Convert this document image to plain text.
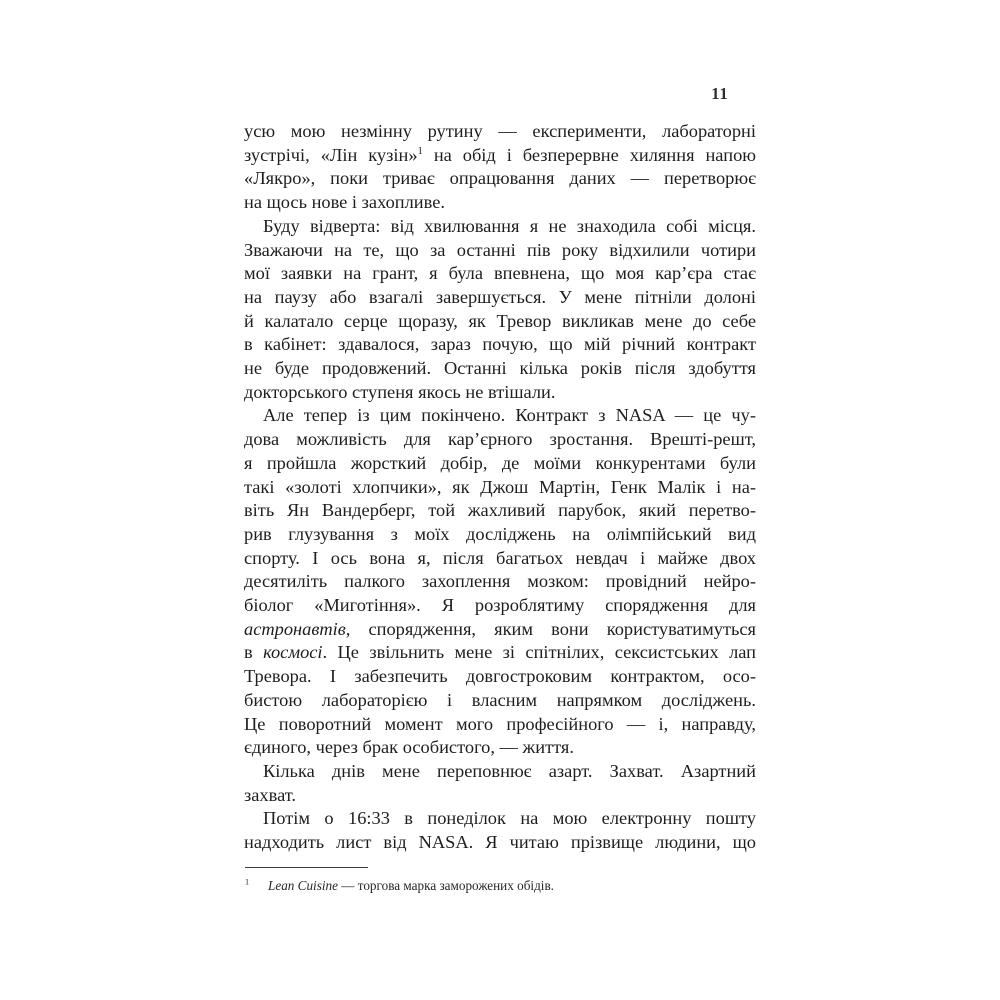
11
усю мою незмінну рутину — експерименти, лабораторні
зустрічі, «Лін кузін»$^1$ на обід і безперервне хиляння напою
«Лякро», поки триває опрацювання даних — перетворює
на щось нове і захопливе.
Буду відверта: від хвилювання я не знаходила собі місця.
Зважаючи на те, що за останні пів року відхилили чотири
мої заявки на грант, я була впевнена, що моя кар’єра стає
на паузу або взагалі завершується. У мене пітніли долоні
й калатало серце щоразу, як Тревор викликав мене до себе
в кабінет: здавалося, зараз почую, що мій річний контракт
не буде продовжений. Останні кілька років після здобуття
докторського ступеня якось не втішали.
Але тепер із цим покінчено. Контракт з NASA — це чу-
дова можливість для кар’єрного зростання. Врешті-решт,
я пройшла жорсткий добір, де моїми конкурентами були
такі «золоті хлопчики», як Джош Мартін, Генк Малік і на-
віть Ян Вандерберг, той жахливий парубок, який перетво-
рив глузування з моїх досліджень на олімпійський вид
спорту. І ось вона я, після багатьох невдач і майже двох
десятиліть палкого захоплення мозком: провідний нейро-
біолог «Миготіння». Я розроблятиму спорядження для
астронавтів, спорядження, яким вони користуватимуться
в космосі. Це звільнить мене зі спітнілих, сексистських лап
Тревора. І забезпечить довгостроковим контрактом, осо-
бистою лабораторією і власним напрямком досліджень.
Це поворотний момент мого професійного — і, направду,
єдиного, через брак особистого, — життя.
Кілька днів мене переповнює азарт. Захват. Азартний
захват.
Потім о 16:33 в понеділок на мою електронну пошту
надходить лист від NASA. Я читаю прізвище людини, що
$^1$ Lean Cuisine — торгова марка заморожених обідів.
